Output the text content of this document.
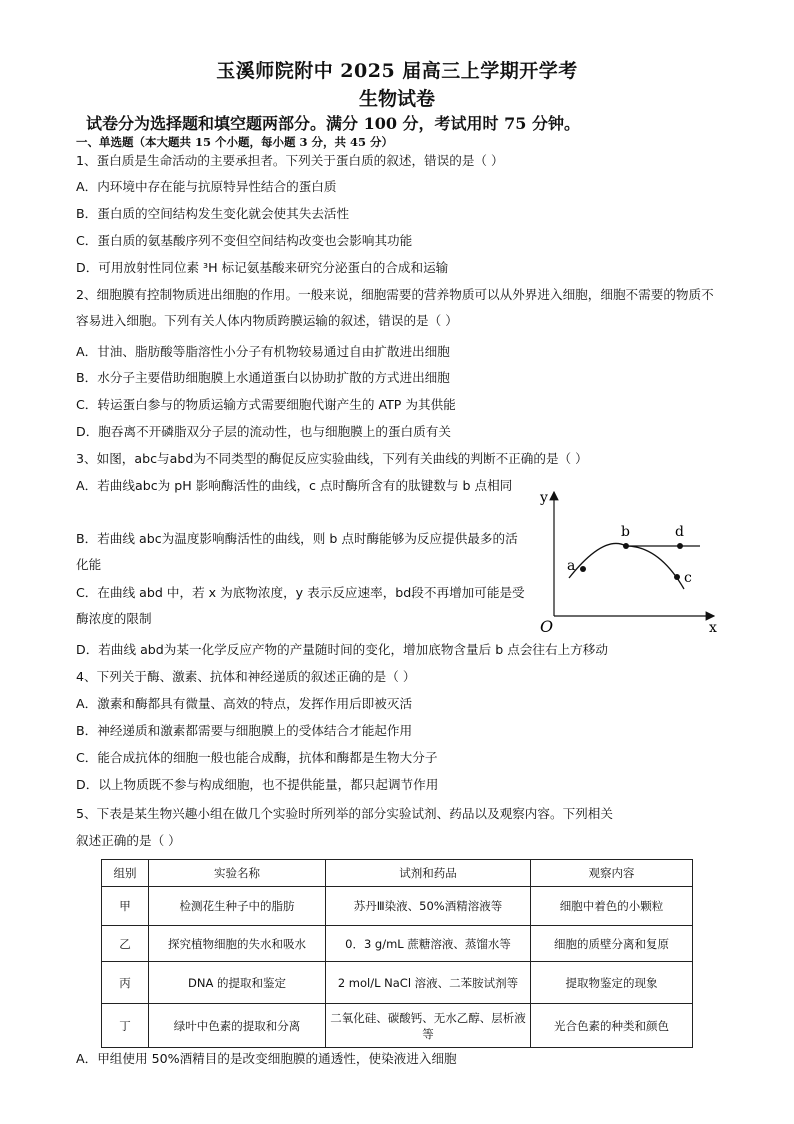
玉溪师院附中 2025 届高三上学期开学考
生物试卷
试卷分为选择题和填空题两部分。满分 100 分，考试用时 75 分钟。
一、单选题（本大题共 15 个小题，每小题 3 分，共 45 分）
1、蛋白质是生命活动的主要承担者。下列关于蛋白质的叙述，错误的是（ ）
A．内环境中存在能与抗原特异性结合的蛋白质
B．蛋白质的空间结构发生变化就会使其失去活性
C．蛋白质的氨基酸序列不变但空间结构改变也会影响其功能
D．可用放射性同位素 ³H 标记氨基酸来研究分泌蛋白的合成和运输
2、细胞膜有控制物质进出细胞的作用。一般来说，细胞需要的营养物质可以从外界进入细胞，细胞不需要的物质不容易进入细胞。下列有关人体内物质跨膜运输的叙述，错误的是（ ）
A．甘油、脂肪酸等脂溶性小分子有机物较易通过自由扩散进出细胞
B．水分子主要借助细胞膜上水通道蛋白以协助扩散的方式进出细胞
C．转运蛋白参与的物质运输方式需要细胞代谢产生的 ATP 为其供能
D．胞吞离不开磷脂双分子层的流动性，也与细胞膜上的蛋白质有关
3、如图，abc与abd为不同类型的酶促反应实验曲线，下列有关曲线的判断不正确的是（ ）
A．若曲线abc为 pH 影响酶活性的曲线，c 点时酶所含有的肽键数与 b 点相同
B．若曲线 abc为温度影响酶活性的曲线，则 b 点时酶能够为反应提供最多的活化能
C．在曲线 abd 中，若 x 为底物浓度，y 表示反应速率，bd段不再增加可能是受酶浓度的限制
D．若曲线 abd为某一化学反应产物的产量随时间的变化，增加底物含量后 b 点会往右上方移动
y
x
O
a
b	d
c
4、下列关于酶、激素、抗体和神经递质的叙述正确的是（ ）
A．激素和酶都具有微量、高效的特点，发挥作用后即被灭活
B．神经递质和激素都需要与细胞膜上的受体结合才能起作用
C．能合成抗体的细胞一般也能合成酶，抗体和酶都是生物大分子
D．以上物质既不参与构成细胞，也不提供能量，都只起调节作用
5、下表是某生物兴趣小组在做几个实验时所列举的部分实验试剂、药品以及观察内容。下列相关
叙述正确的是（ ）
组别	实验名称	试剂和药品	观察内容
甲	检测花生种子中的脂肪	苏丹Ⅲ染液、50%酒精溶液等	细胞中着色的小颗粒
乙	探究植物细胞的失水和吸水	0．3 g/mL 蔗糖溶液、蒸馏水等	细胞的质壁分离和复原
丙	DNA 的提取和鉴定	2 mol/L NaCl 溶液、二苯胺试剂等	提取物鉴定的现象
丁	绿叶中色素的提取和分离	二氧化硅、碳酸钙、无水乙醇、层析液等	光合色素的种类和颜色
A．甲组使用 50%酒精目的是改变细胞膜的通透性，使染液进入细胞
